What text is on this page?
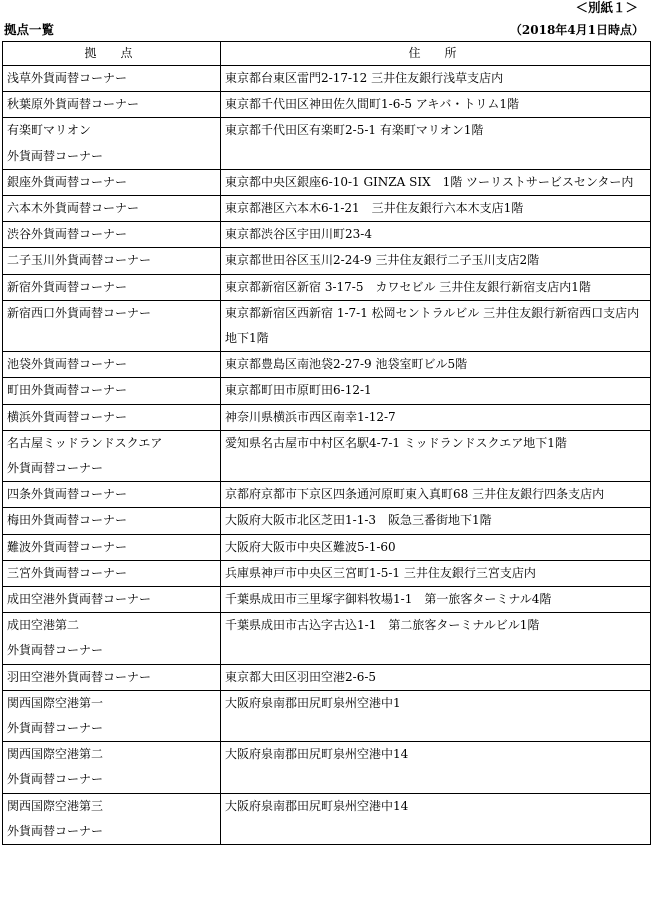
＜別紙１＞
拠点一覧	（2018年4月1日時点）
拠　点	住　所
浅草外貨両替コーナー	東京都台東区雷門2-17-12 三井住友銀行浅草支店内
秋葉原外貨両替コーナー	東京都千代田区神田佐久間町1-6-5 アキバ・トリム1階
有楽町マリオン
外貨両替コーナー	東京都千代田区有楽町2-5-1 有楽町マリオン1階
銀座外貨両替コーナー	東京都中央区銀座6-10-1 GINZA SIX　1階 ツーリストサービスセンター内
六本木外貨両替コーナー	東京都港区六本木6-1-21　三井住友銀行六本木支店1階
渋谷外貨両替コーナー	東京都渋谷区宇田川町23-4
二子玉川外貨両替コーナー	東京都世田谷区玉川2-24-9 三井住友銀行二子玉川支店2階
新宿外貨両替コーナー	東京都新宿区新宿 3-17-5　カワセビル 三井住友銀行新宿支店内1階
新宿西口外貨両替コーナー	東京都新宿区西新宿 1-7-1 松岡セントラルビル 三井住友銀行新宿西口支店内地下1階
池袋外貨両替コーナー	東京都豊島区南池袋2-27-9 池袋室町ビル5階
町田外貨両替コーナー	東京都町田市原町田6-12-1
横浜外貨両替コーナー	神奈川県横浜市西区南幸1-12-7
名古屋ミッドランドスクエア
外貨両替コーナー	愛知県名古屋市中村区名駅4-7-1 ミッドランドスクエア地下1階
四条外貨両替コーナー	京都府京都市下京区四条通河原町東入真町68 三井住友銀行四条支店内
梅田外貨両替コーナー	大阪府大阪市北区芝田1-1-3　阪急三番街地下1階
難波外貨両替コーナー	大阪府大阪市中央区難波5-1-60
三宮外貨両替コーナー	兵庫県神戸市中央区三宮町1-5-1 三井住友銀行三宮支店内
成田空港外貨両替コーナー	千葉県成田市三里塚字御料牧場1-1　第一旅客ターミナル4階
成田空港第二
外貨両替コーナー	千葉県成田市古込字古込1-1　第二旅客ターミナルビル1階
羽田空港外貨両替コーナー	東京都大田区羽田空港2-6-5
関西国際空港第一
外貨両替コーナー	大阪府泉南郡田尻町泉州空港中1
関西国際空港第二
外貨両替コーナー	大阪府泉南郡田尻町泉州空港中14
関西国際空港第三
外貨両替コーナー	大阪府泉南郡田尻町泉州空港中14
